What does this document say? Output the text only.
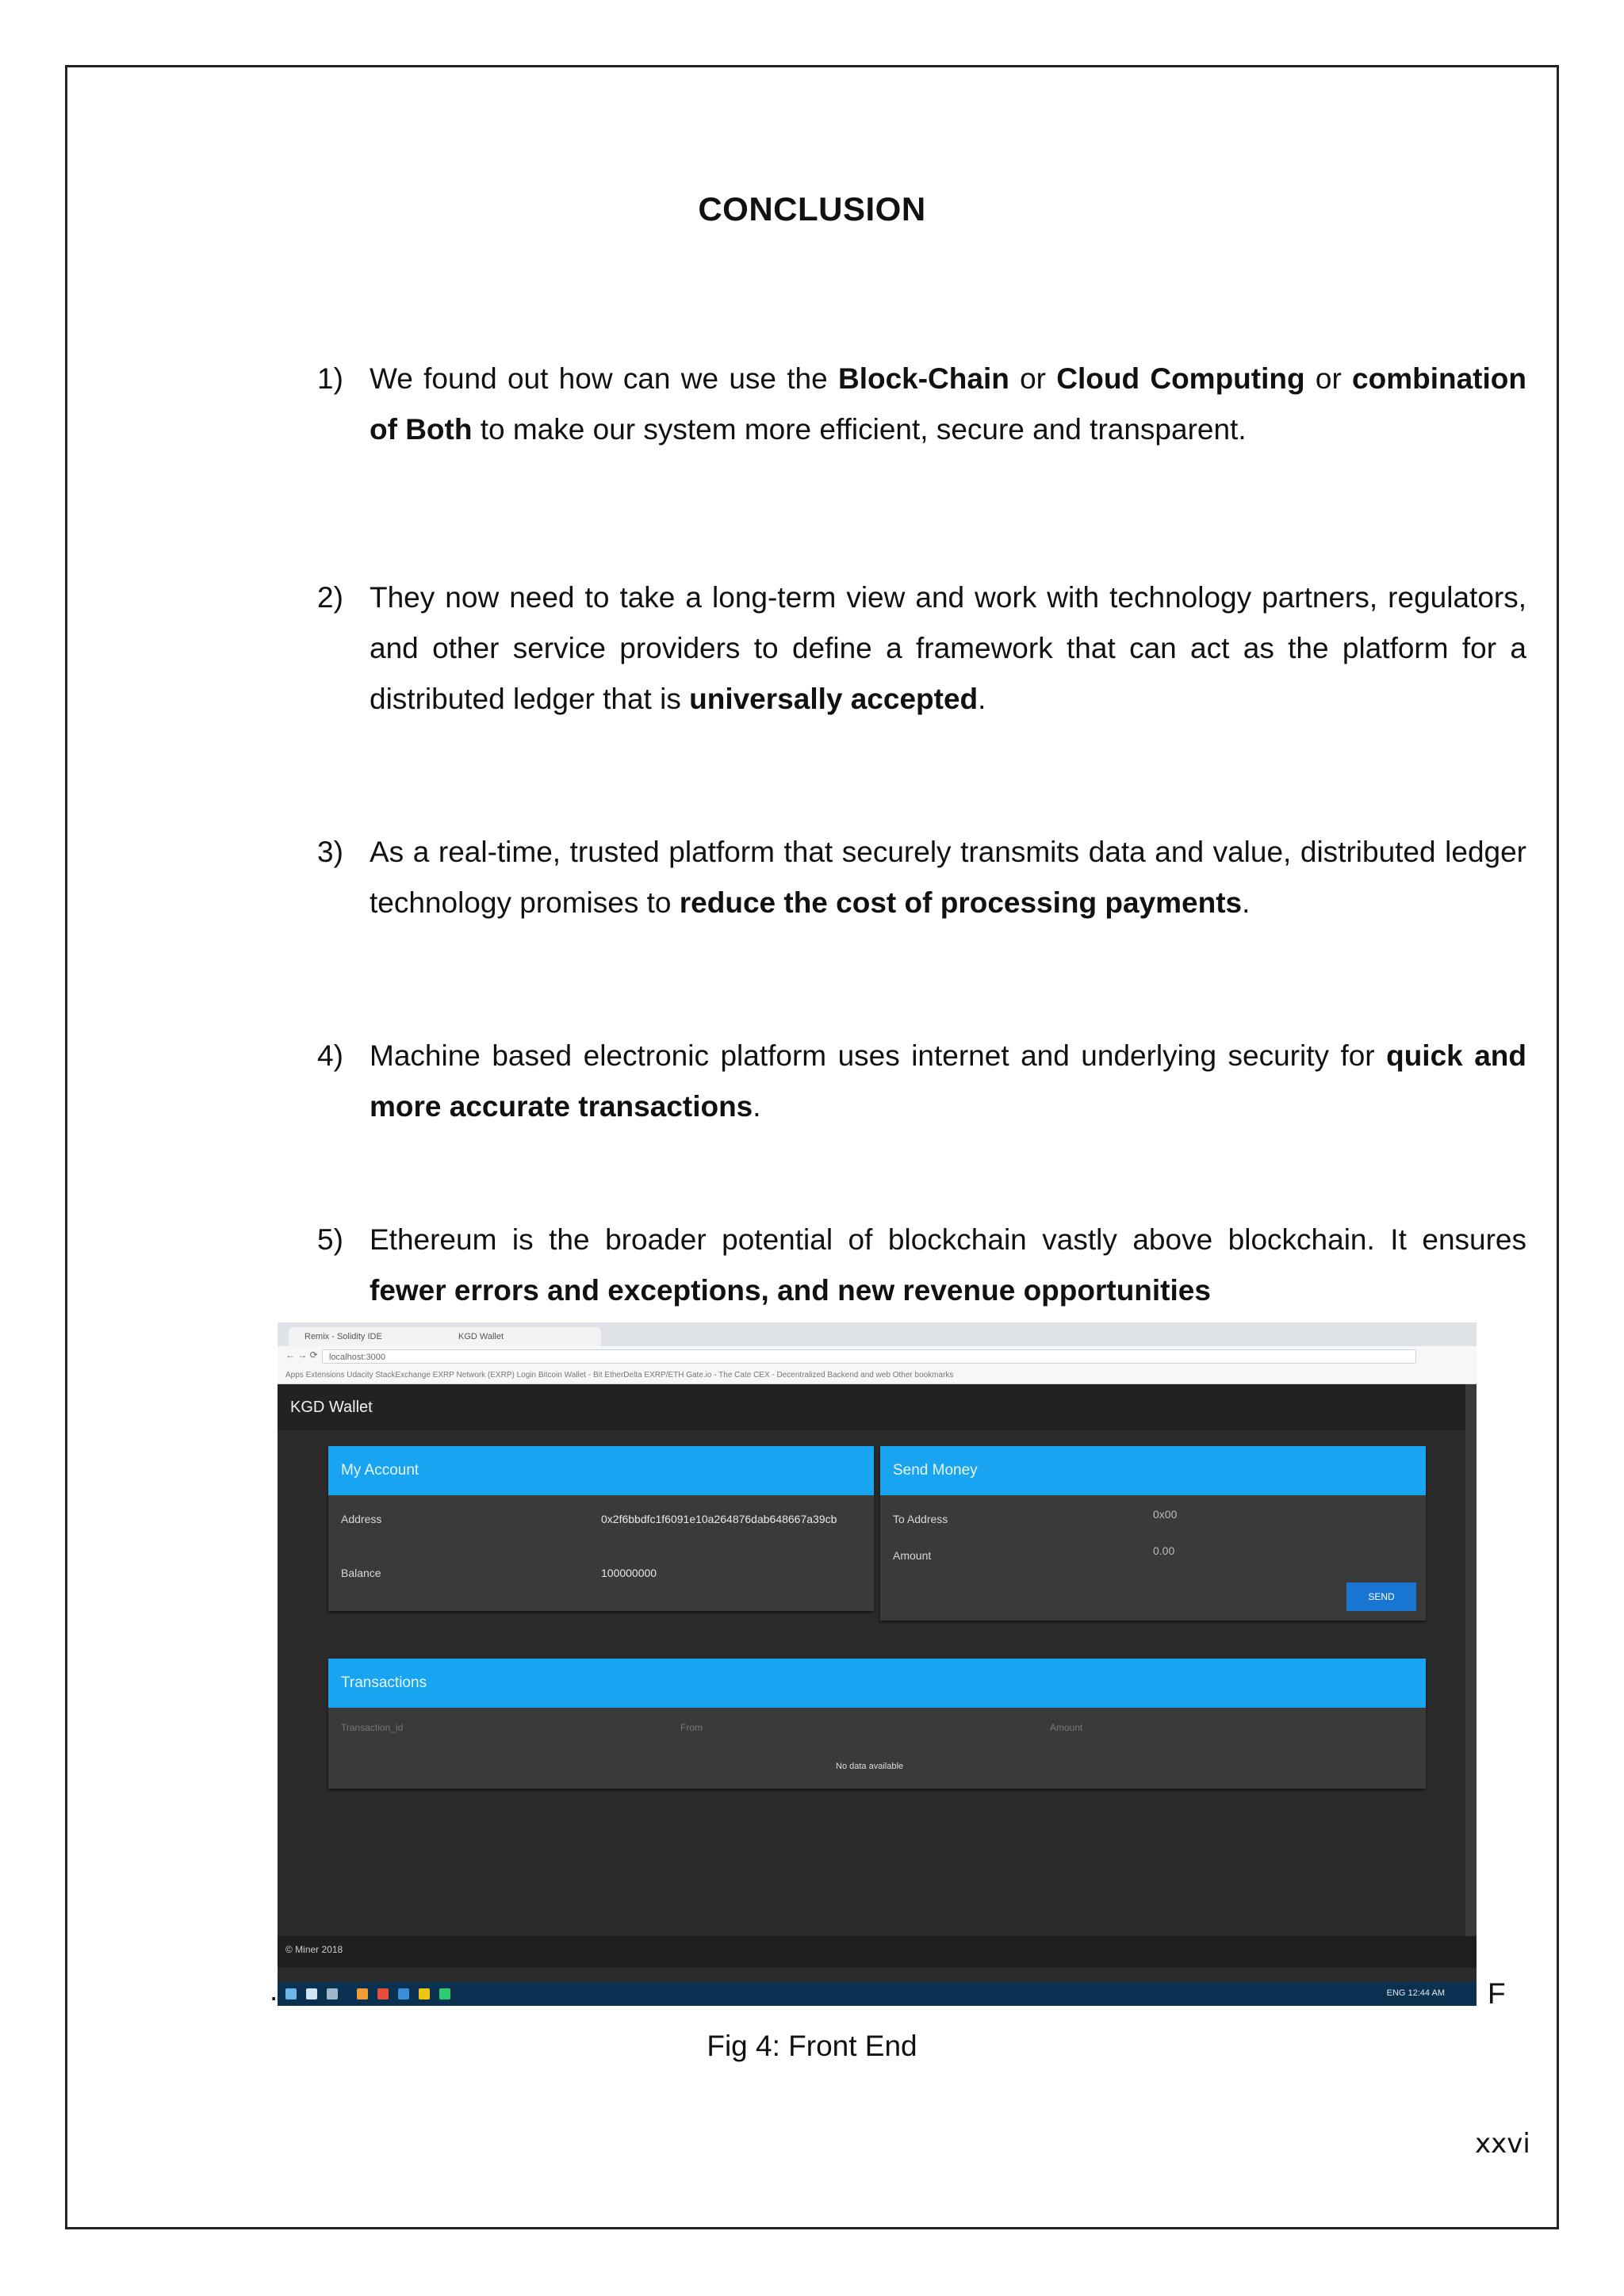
CONCLUSION
1) We found out how can we use the Block-Chain or Cloud Computing or combination of Both to make our system more efficient, secure and transparent.
2) They now need to take a long-term view and work with technology partners, regulators, and other service providers to define a framework that can act as the platform for a distributed ledger that is universally accepted.
3) As a real-time, trusted platform that securely transmits data and value, distributed ledger technology promises to reduce the cost of processing payments.
4) Machine based electronic platform uses internet and underlying security for quick and more accurate transactions.
5) Ethereum is the broader potential of blockchain vastly above blockchain. It ensures fewer errors and exceptions, and new revenue opportunities
Remix - Solidity IDE	KGD Wallet
← → ⟳	localhost:3000
Apps Extensions Udacity StackExchange EXRP Network (EXRP) Login Bitcoin Wallet - Bit EtherDelta EXRP/ETH Gate.io - The Cate CEX - Decentralized Backend and web Other bookmarks
KGD Wallet
My Account
Address	0x2f6bbdfc1f6091e10a264876dab648667a39cb
Balance	100000000
Send Money
To Address	0x00
Amount	0.00
SEND
Transactions
Transaction_id	From	Amount
No data available
© Miner 2018
ENG 12:44 AM
.	F
Fig 4: Front End
xxvi
